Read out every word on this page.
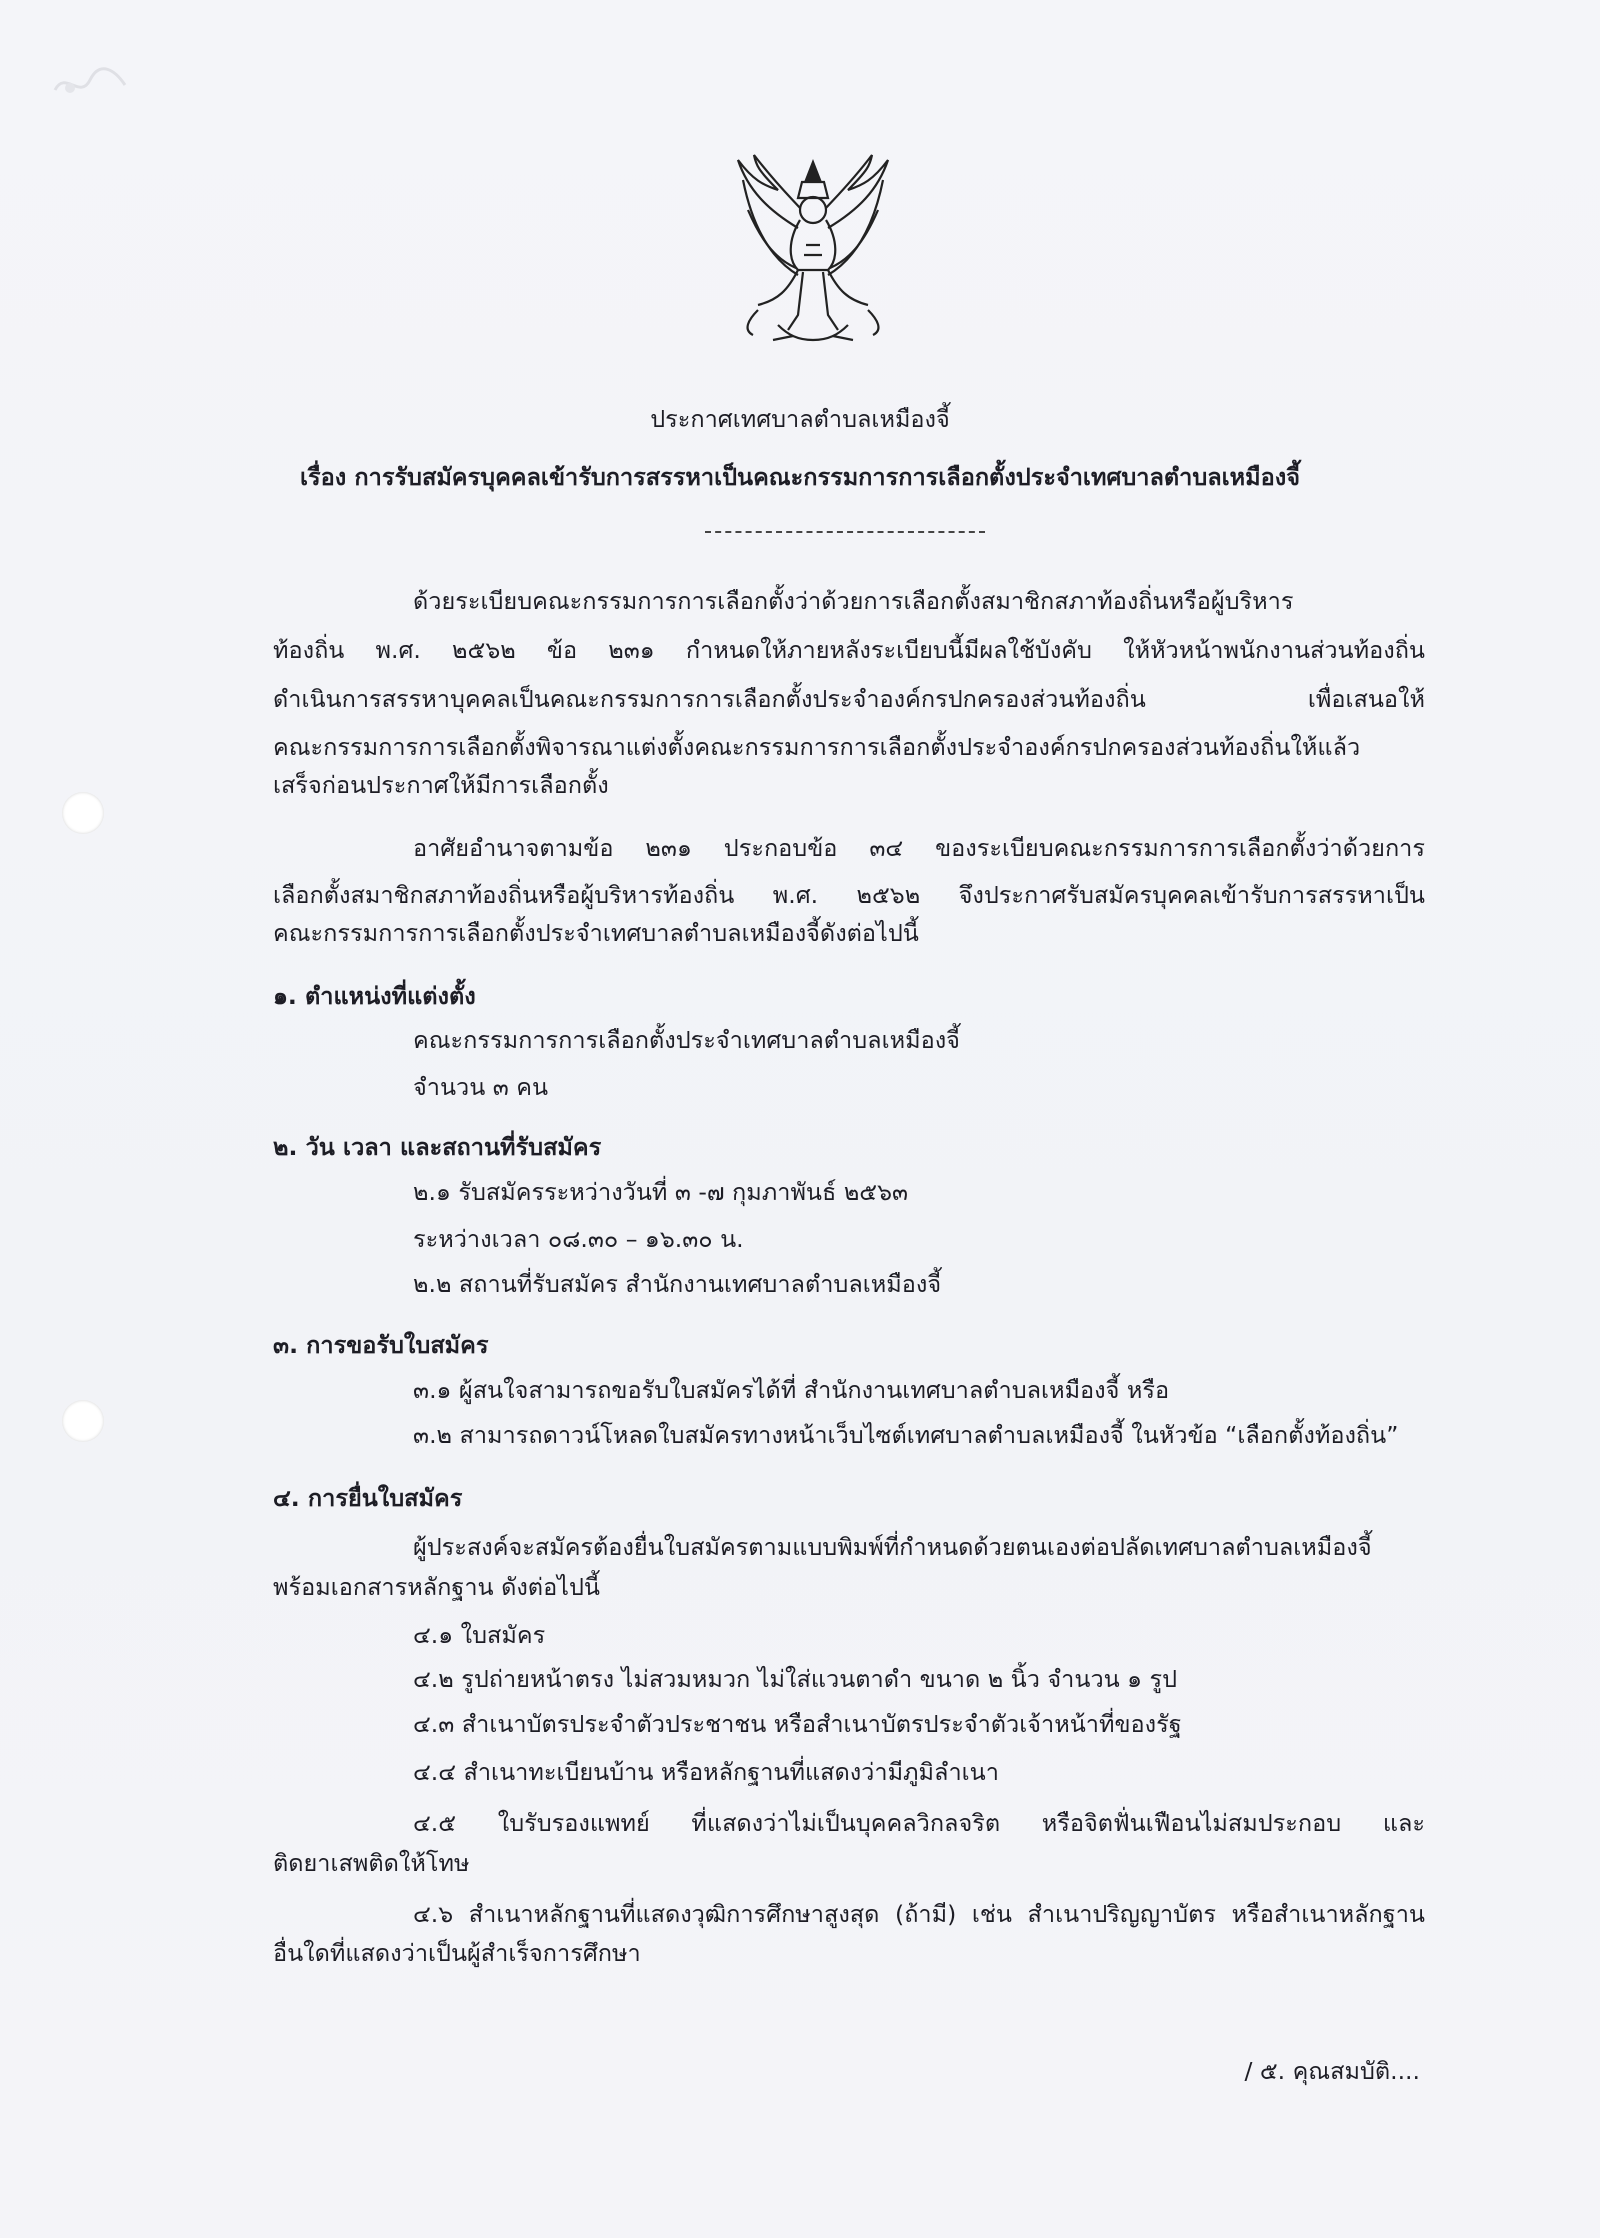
ประกาศเทศบาลตำบลเหมืองจี้
เรื่อง การรับสมัครบุคคลเข้ารับการสรรหาเป็นคณะกรรมการการเลือกตั้งประจำเทศบาลตำบลเหมืองจี้
ด้วยระเบียบคณะกรรมการการเลือกตั้งว่าด้วยการเลือกตั้งสมาชิกสภาท้องถิ่นหรือผู้บริหาร
ท้องถิ่น พ.ศ. ๒๕๖๒ ข้อ ๒๓๑ กำหนดให้ภายหลังระเบียบนี้มีผลใช้บังคับ ให้หัวหน้าพนักงานส่วนท้องถิ่น
ดำเนินการสรรหาบุคคลเป็นคณะกรรมการการเลือกตั้งประจำองค์กรปกครองส่วนท้องถิ่น เพื่อเสนอให้
คณะกรรมการการเลือกตั้งพิจารณาแต่งตั้งคณะกรรมการการเลือกตั้งประจำองค์กรปกครองส่วนท้องถิ่นให้แล้ว
เสร็จก่อนประกาศให้มีการเลือกตั้ง
อาศัยอำนาจตามข้อ ๒๓๑ ประกอบข้อ ๓๔ ของระเบียบคณะกรรมการการเลือกตั้งว่าด้วยการ
เลือกตั้งสมาชิกสภาท้องถิ่นหรือผู้บริหารท้องถิ่น พ.ศ. ๒๕๖๒ จึงประกาศรับสมัครบุคคลเข้ารับการสรรหาเป็น
คณะกรรมการการเลือกตั้งประจำเทศบาลตำบลเหมืองจี้ดังต่อไปนี้
๑. ตำแหน่งที่แต่งตั้ง
คณะกรรมการการเลือกตั้งประจำเทศบาลตำบลเหมืองจี้
จำนวน ๓ คน
๒. วัน เวลา และสถานที่รับสมัคร
๒.๑ รับสมัครระหว่างวันที่ ๓ -๗ กุมภาพันธ์ ๒๕๖๓
ระหว่างเวลา ๐๘.๓๐ – ๑๖.๓๐ น.
๒.๒ สถานที่รับสมัคร สำนักงานเทศบาลตำบลเหมืองจี้
๓. การขอรับใบสมัคร
๓.๑ ผู้สนใจสามารถขอรับใบสมัครได้ที่ สำนักงานเทศบาลตำบลเหมืองจี้ หรือ
๓.๒ สามารถดาวน์โหลดใบสมัครทางหน้าเว็บไซต์เทศบาลตำบลเหมืองจี้ ในหัวข้อ “เลือกตั้งท้องถิ่น”
๔. การยื่นใบสมัคร
ผู้ประสงค์จะสมัครต้องยื่นใบสมัครตามแบบพิมพ์ที่กำหนดด้วยตนเองต่อปลัดเทศบาลตำบลเหมืองจี้
พร้อมเอกสารหลักฐาน ดังต่อไปนี้
๔.๑ ใบสมัคร
๔.๒ รูปถ่ายหน้าตรง ไม่สวมหมวก ไม่ใส่แวนตาดำ ขนาด ๒ นิ้ว จำนวน ๑ รูป
๔.๓ สำเนาบัตรประจำตัวประชาชน หรือสำเนาบัตรประจำตัวเจ้าหน้าที่ของรัฐ
๔.๔ สำเนาทะเบียนบ้าน หรือหลักฐานที่แสดงว่ามีภูมิลำเนา
๔.๕ ใบรับรองแพทย์ ที่แสดงว่าไม่เป็นบุคคลวิกลจริต หรือจิตฟั่นเฟือนไม่สมประกอบ และ
ติดยาเสพติดให้โทษ
๔.๖ สำเนาหลักฐานที่แสดงวุฒิการศึกษาสูงสุด (ถ้ามี) เช่น สำเนาปริญญาบัตร หรือสำเนาหลักฐาน
อื่นใดที่แสดงว่าเป็นผู้สำเร็จการศึกษา
/ ๕. คุณสมบัติ....
